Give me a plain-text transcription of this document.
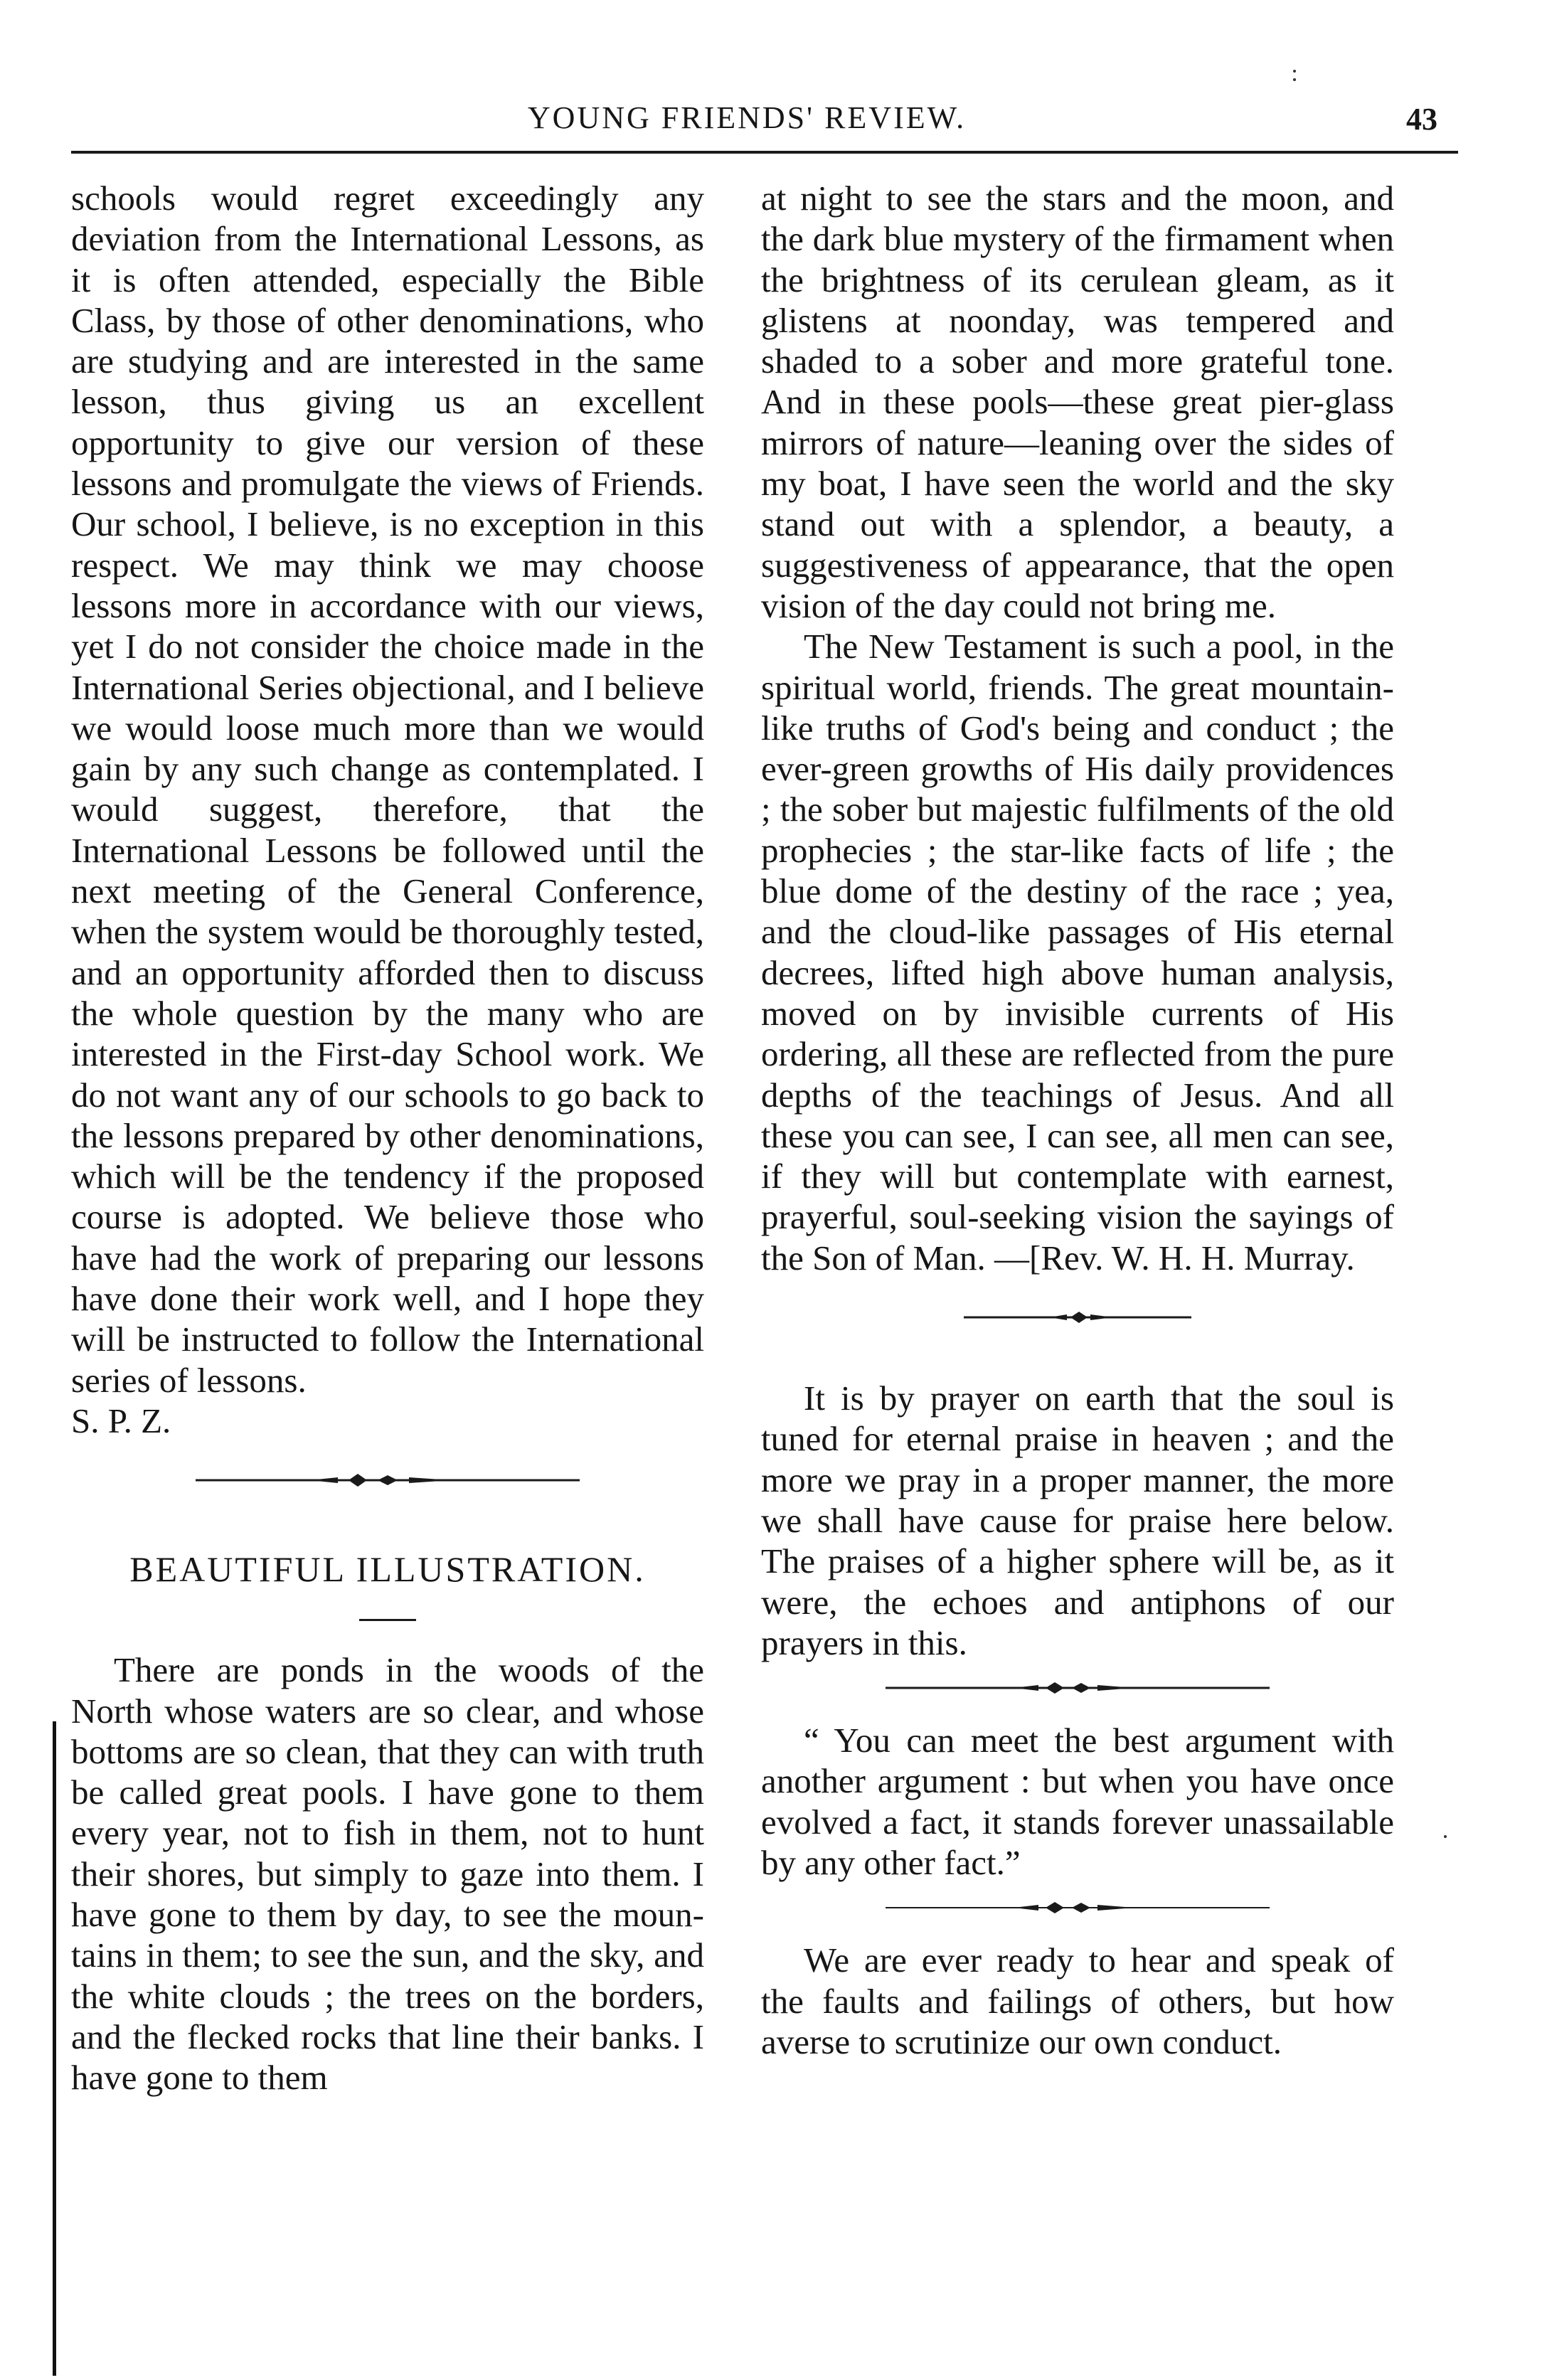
YOUNG FRIENDS' REVIEW.	43

schools would regret exceedingly any deviation from the International Lessons, as it is often attended, especially the Bible Class, by those of other denominations, who are studying and are interested in the same lesson, thus giving us an excellent opportunity to give our version of these lessons and promulgate the views of Friends. Our school, I believe, is no exception in this respect. We may think we may choose lessons more in accordance with our views, yet I do not consider the choice made in the International Series objectional, and I believe we would loose much more than we would gain by any such change as contemplated. I would suggest, therefore, that the International Lessons be followed until the next meeting of the General Conference, when the system would be thoroughly tested, and an opportunity afforded then to discuss the whole question by the many who are interested in the First-day School work. We do not want any of our schools to go back to the lessons prepared by other denominations, which will be the tendency if the proposed course is adopted. We believe those who have had the work of preparing our lessons have done their work well, and I hope they will be instructed to follow the International series of lessons.

S. P. Z.

BEAUTIFUL ILLUSTRATION.

There are ponds in the woods of the North whose waters are so clear, and whose bottoms are so clean, that they can with truth be called great pools. I have gone to them every year, not to fish in them, not to hunt their shores, but simply to gaze into them. I have gone to them by day, to see the mountains in them; to see the sun, and the sky, and the white clouds ; the trees on the borders, and the flecked rocks that line their banks. I have gone to them

at night to see the stars and the moon, and the dark blue mystery of the firmament when the brightness of its cerulean gleam, as it glistens at noonday, was tempered and shaded to a sober and more grateful tone. And in these pools—these great pier-glass mirrors of nature—leaning over the sides of my boat, I have seen the world and the sky stand out with a splendor, a beauty, a suggestiveness of appearance, that the open vision of the day could not bring me.

The New Testament is such a pool, in the spiritual world, friends. The great mountain-like truths of God's being and conduct ; the ever-green growths of His daily providences ; the sober but majestic fulfilments of the old prophecies ; the star-like facts of life ; the blue dome of the destiny of the race ; yea, and the cloud-like passages of His eternal decrees, lifted high above human analysis, moved on by invisible currents of His ordering, all these are reflected from the pure depths of the teachings of Jesus. And all these you can see, I can see, all men can see, if they will but contemplate with earnest, prayerful, soul-seeking vision the sayings of the Son of Man. —[Rev. W. H. H. Murray.

It is by prayer on earth that the soul is tuned for eternal praise in heaven ; and the more we pray in a proper manner, the more we shall have cause for praise here below. The praises of a higher sphere will be, as it were, the echoes and antiphons of our prayers in this.

“ You can meet the best argument with another argument : but when you have once evolved a fact, it stands forever unassailable by any other fact.”

We are ever ready to hear and speak of the faults and failings of others, but how averse to scrutinize our own conduct.
